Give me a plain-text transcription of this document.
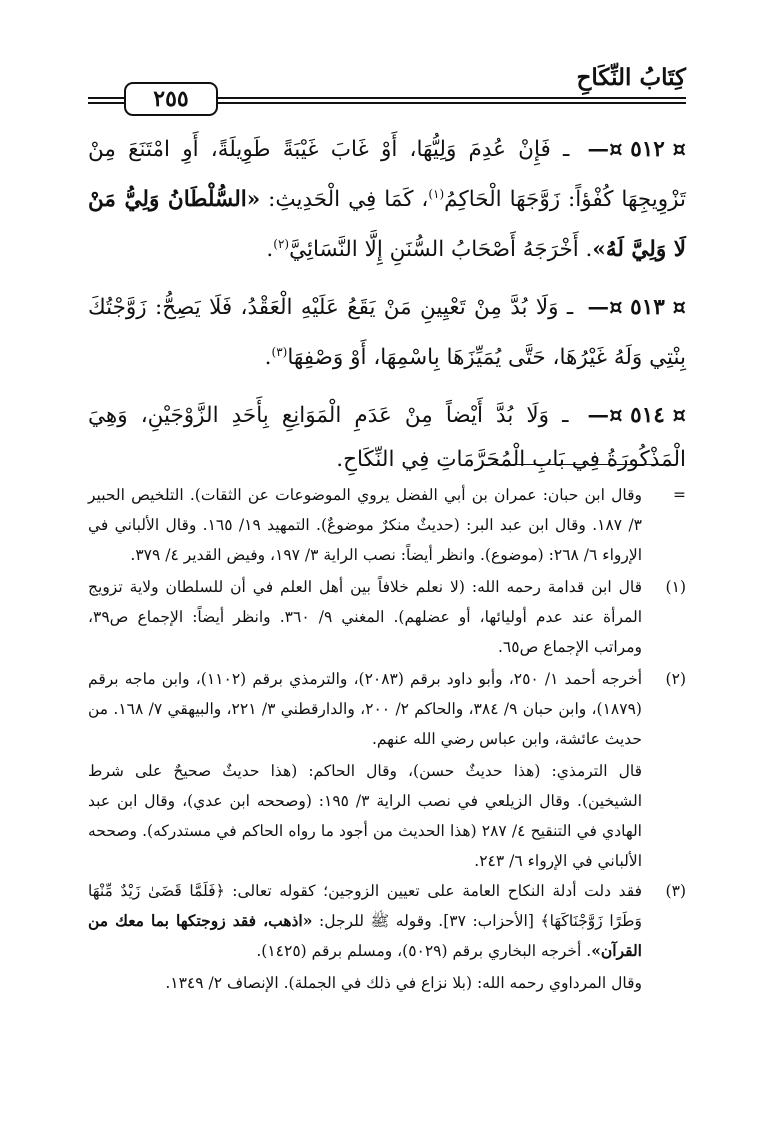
كِتَابُ النِّكَاحِ
٢٥٥
—¤ ٥١٢ ¤ ـ فَإِنْ عُدِمَ وَلِيُّهَا، أَوْ غَابَ غَيْبَةً طَوِيلَةً، أَوِ امْتَنَعَ مِنْ تَزْوِيجِهَا كُفْؤاً: زَوَّجَهَا الْحَاكِمُ$^{(١)}$، كَمَا فِي الْحَدِيثِ: «السُّلْطَانُ وَلِيُّ مَنْ لَا وَلِيَّ لَهُ». أَخْرَجَهُ أَصْحَابُ السُّنَنِ إِلَّا النَّسَائِيَّ$^{(٢)}$.
—¤ ٥١٣ ¤ ـ وَلَا بُدَّ مِنْ تَعْيِينِ مَنْ يَقَعُ عَلَيْهِ الْعَقْدُ، فَلَا يَصِحُّ: زَوَّجْتُكَ بِنْتِي وَلَهُ غَيْرُهَا، حَتَّى يُمَيِّزَهَا بِاسْمِهَا، أَوْ وَصْفِهَا$^{(٣)}$.
—¤ ٥١٤ ¤ ـ وَلَا بُدَّ أَيْضاً مِنْ عَدَمِ الْمَوَانِعِ بِأَحَدِ الزَّوْجَيْنِ، وَهِيَ الْمَذْكُورَةُ فِي بَابِ الْمُحَرَّمَاتِ فِي النِّكَاحِ.
=
وقال ابن حبان: عمران بن أبي الفضل يروي الموضوعات عن الثقات). التلخيص الحبير ٣/ ١٨٧. وقال ابن عبد البر: (حديثٌ منكرٌ موضوعٌ). التمهيد ١٩/ ١٦٥. وقال الألباني في الإرواء ٦/ ٢٦٨: (موضوع). وانظر أيضاً: نصب الراية ٣/ ١٩٧، وفيض القدير ٤/ ٣٧٩.
(١)
قال ابن قدامة رحمه الله: (لا نعلم خلافاً بين أهل العلم في أن للسلطان ولاية تزويج المرأة عند عدم أوليائها، أو عضلهم). المغني ٩/ ٣٦٠. وانظر أيضاً: الإجماع ص٣٩، ومراتب الإجماع ص٦٥.
(٢)
أخرجه أحمد ١/ ٢٥٠، وأبو داود برقم (٢٠٨٣)، والترمذي برقم (١١٠٢)، وابن ماجه برقم (١٨٧٩)، وابن حبان ٩/ ٣٨٤، والحاكم ٢/ ٢٠٠، والدارقطني ٣/ ٢٢١، والبيهقي ٧/ ١٦٨. من حديث عائشة، وابن عباس رضي الله عنهم.
قال الترمذي: (هذا حديثٌ حسن)، وقال الحاكم: (هذا حديثٌ صحيحٌ على شرط الشيخين). وقال الزيلعي في نصب الراية ٣/ ١٩٥: (وصححه ابن عدي)، وقال ابن عبد الهادي في التنقيح ٤/ ٢٨٧ (هذا الحديث من أجود ما رواه الحاكم في مستدركه). وصححه الألباني في الإرواء ٦/ ٢٤٣.
(٣)
فقد دلت أدلة النكاح العامة على تعيين الزوجين؛ كقوله تعالى: ﴿فَلَمَّا قَضَىٰ زَيْدٌ مِّنْهَا وَطَرًا زَوَّجْنَاكَهَا﴾ [الأحزاب: ٣٧]. وقوله ﷺ للرجل: «اذهب، فقد زوجتكها بما معك من القرآن». أخرجه البخاري برقم (٥٠٢٩)، ومسلم برقم (١٤٢٥).
وقال المرداوي رحمه الله: (بلا نزاع في ذلك في الجملة). الإنصاف ٢/ ١٣٤٩.
